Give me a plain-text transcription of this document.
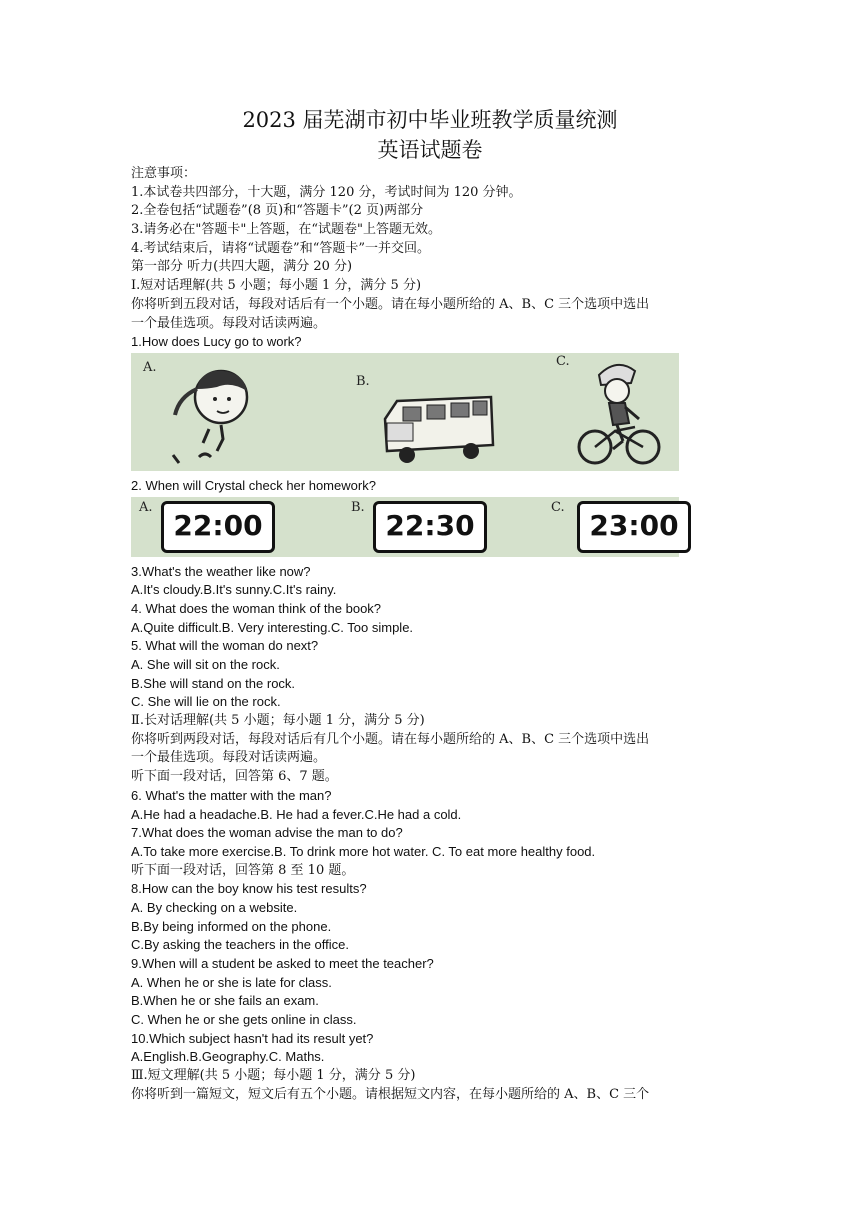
2023 届芜湖市初中毕业班教学质量统测
英语试题卷
注意事项：
1.本试卷共四部分，十大题，满分 120 分，考试时间为 120 分钟。
2.全卷包括“试题卷”(8 页)和“答题卡”(2 页)两部分
3.请务必在"答题卡"上答题，在“试题卷"上答题无效。
4.考试结束后，请将“试题卷”和“答题卡”一并交回。
第一部分 听力(共四大题，满分 20 分)
I.短对话理解(共 5 小题；每小题 1 分，满分 5 分)
你将听到五段对话，每段对话后有一个小题。请在每小题所给的 A、B、C 三个选项中选出
一个最佳选项。每段对话读两遍。
1.How does Lucy go to work?
A.
B.
C.
2. When will Crystal check her homework?
A.	B.	C.
22:00	22:30	23:00
3.What's the weather like now?
A.It's cloudy.B.It's sunny.C.It's rainy.
4. What does the woman think of the book?
A.Quite difficult.B. Very interesting.C. Too simple.
5. What will the woman do next?
A. She will sit on the rock.
B.She will stand on the rock.
C. She will lie on the rock.
Ⅱ.长对话理解(共 5 小题；每小题 1 分，满分 5 分)
你将听到两段对话，每段对话后有几个小题。请在每小题所给的 A、B、C 三个选项中选出
一个最佳选项。每段对话读两遍。
听下面一段对话，回答第 6、7 题。
6. What's the matter with the man?
A.He had a headache.B. He had a fever.C.He had a cold.
7.What does the woman advise the man to do?
A.To take more exercise.B. To drink more hot water. C. To eat more healthy food.
听下面一段对话，回答第 8 至 10 题。
8.How can the boy know his test results?
A. By checking on a website.
B.By being informed on the phone.
C.By asking the teachers in the office.
9.When will a student be asked to meet the teacher?
A. When he or she is late for class.
B.When he or she fails an exam.
C. When he or she gets online in class.
10.Which subject hasn't had its result yet?
A.English.B.Geography.C. Maths.
Ⅲ.短文理解(共 5 小题；每小题 1 分，满分 5 分)
你将听到一篇短文，短文后有五个小题。请根据短文内容，在每小题所给的 A、B、C 三个
